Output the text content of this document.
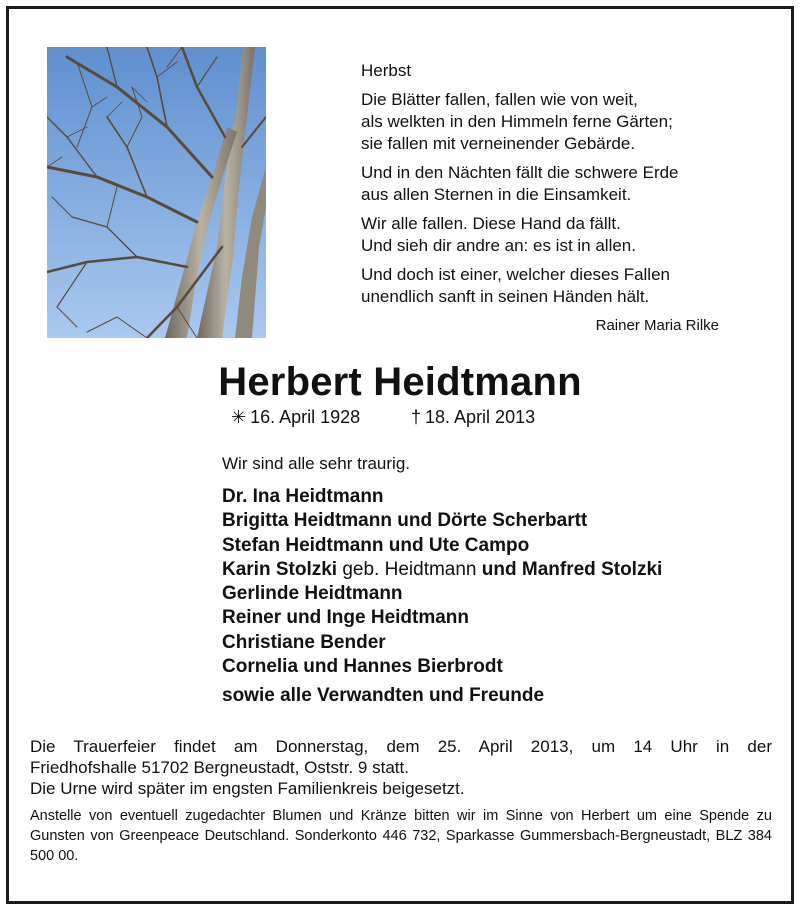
Herbst
Die Blätter fallen, fallen wie von weit,
als welkten in den Himmeln ferne Gärten;
sie fallen mit verneinender Gebärde.
Und in den Nächten fällt die schwere Erde
aus allen Sternen in die Einsamkeit.
Wir alle fallen. Diese Hand da fällt.
Und sieh dir andre an: es ist in allen.
Und doch ist einer, welcher dieses Fallen
unendlich sanft in seinen Händen hält.
Rainer Maria Rilke
Herbert Heidtmann
✳ 16. April 1928	† 18. April 2013
Wir sind alle sehr traurig.
Dr. Ina Heidtmann
Brigitta Heidtmann und Dörte Scherbartt
Stefan Heidtmann und Ute Campo
Karin Stolzki geb. Heidtmann und Manfred Stolzki
Gerlinde Heidtmann
Reiner und Inge Heidtmann
Christiane Bender
Cornelia und Hannes Bierbrodt
sowie alle Verwandten und Freunde

Die Trauerfeier findet am Donnerstag, dem 25. April 2013, um 14 Uhr in der

Friedhofshalle 51702 Bergneustadt, Oststr. 9 statt.

Die Urne wird später im engsten Familienkreis beigesetzt.

Anstelle von eventuell zugedachter Blumen und Kränze bitten wir im Sinne von Herbert um eine Spende zu Gunsten von Greenpeace Deutschland. Sonderkonto 446 732, Sparkasse Gummersbach-Bergneustadt, BLZ 384 500 00.
